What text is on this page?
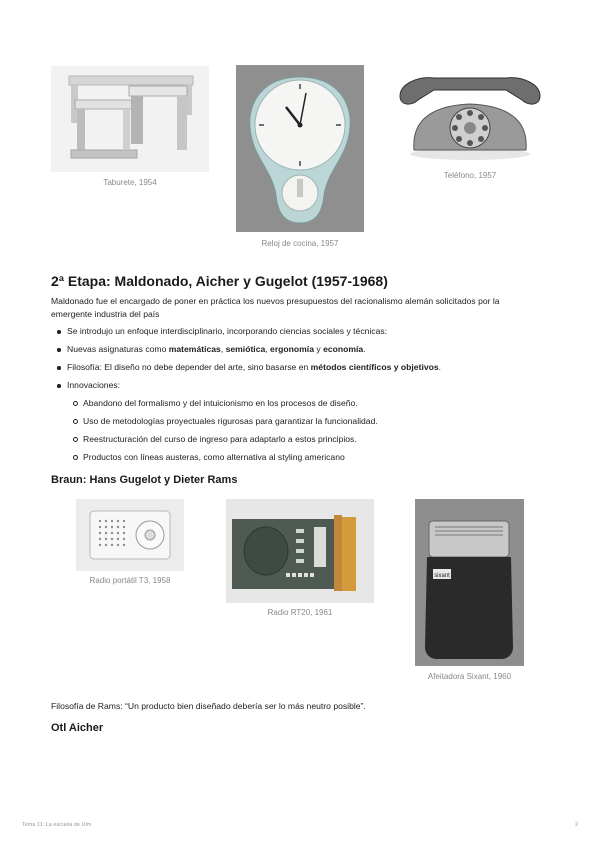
Taburete, 1954
Reloj de cocina, 1957
Teléfono, 1957
2ª Etapa: Maldonado, Aicher y Gugelot (1957-1968)
Maldonado fue el encargado de poner en práctica los nuevos presupuestos del racionalismo alemán solicitados por la emergente industria del país
Se introdujo un enfoque interdisciplinario, incorporando ciencias sociales y técnicas:
Nuevas asignaturas como matemáticas, semiótica, ergonomía y economía.
Filosofía: El diseño no debe depender del arte, sino basarse en métodos científicos y objetivos.
Innovaciones:
Abandono del formalismo y del intuicionismo en los procesos de diseño.
Uso de metodologías proyectuales rigurosas para garantizar la funcionalidad.
Reestructuración del curso de ingreso para adaptarlo a estos principios.
Productos con líneas austeras, como alternativa al styling americano
Braun: Hans Gugelot y Dieter Rams
Radio portátil T3, 1958
Radio RT20, 1961
sixant
Afeitadora Sixant, 1960
Filosofía de Rams: “Un producto bien diseñado debería ser lo más neutro posible”.
Otl Aicher
Tema 11: La escuela de Ulm	2
